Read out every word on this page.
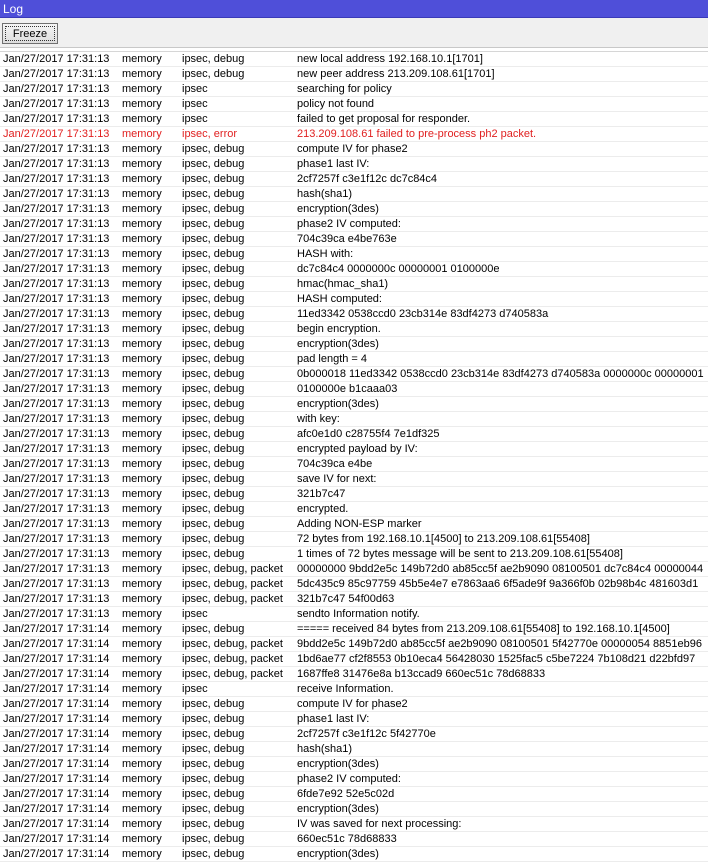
Log
Freeze
Jan/27/2017 17:31:13	memory	ipsec, debug	new local address 192.168.10.1[1701]
Jan/27/2017 17:31:13	memory	ipsec, debug	new peer address 213.209.108.61[1701]
Jan/27/2017 17:31:13	memory	ipsec	searching for policy
Jan/27/2017 17:31:13	memory	ipsec	policy not found
Jan/27/2017 17:31:13	memory	ipsec	failed to get proposal for responder.
Jan/27/2017 17:31:13	memory	ipsec, error	213.209.108.61 failed to pre-process ph2 packet.
Jan/27/2017 17:31:13	memory	ipsec, debug	compute IV for phase2
Jan/27/2017 17:31:13	memory	ipsec, debug	phase1 last IV:
Jan/27/2017 17:31:13	memory	ipsec, debug	2cf7257f c3e1f12c dc7c84c4
Jan/27/2017 17:31:13	memory	ipsec, debug	hash(sha1)
Jan/27/2017 17:31:13	memory	ipsec, debug	encryption(3des)
Jan/27/2017 17:31:13	memory	ipsec, debug	phase2 IV computed:
Jan/27/2017 17:31:13	memory	ipsec, debug	704c39ca e4be763e
Jan/27/2017 17:31:13	memory	ipsec, debug	HASH with:
Jan/27/2017 17:31:13	memory	ipsec, debug	dc7c84c4 0000000c 00000001 0100000e
Jan/27/2017 17:31:13	memory	ipsec, debug	hmac(hmac_sha1)
Jan/27/2017 17:31:13	memory	ipsec, debug	HASH computed:
Jan/27/2017 17:31:13	memory	ipsec, debug	11ed3342 0538ccd0 23cb314e 83df4273 d740583a
Jan/27/2017 17:31:13	memory	ipsec, debug	begin encryption.
Jan/27/2017 17:31:13	memory	ipsec, debug	encryption(3des)
Jan/27/2017 17:31:13	memory	ipsec, debug	pad length = 4
Jan/27/2017 17:31:13	memory	ipsec, debug	0b000018 11ed3342 0538ccd0 23cb314e 83df4273 d740583a 0000000c 00000001
Jan/27/2017 17:31:13	memory	ipsec, debug	0100000e b1caaa03
Jan/27/2017 17:31:13	memory	ipsec, debug	encryption(3des)
Jan/27/2017 17:31:13	memory	ipsec, debug	with key:
Jan/27/2017 17:31:13	memory	ipsec, debug	afc0e1d0 c28755f4 7e1df325
Jan/27/2017 17:31:13	memory	ipsec, debug	encrypted payload by IV:
Jan/27/2017 17:31:13	memory	ipsec, debug	704c39ca e4be
Jan/27/2017 17:31:13	memory	ipsec, debug	save IV for next:
Jan/27/2017 17:31:13	memory	ipsec, debug	321b7c47
Jan/27/2017 17:31:13	memory	ipsec, debug	encrypted.
Jan/27/2017 17:31:13	memory	ipsec, debug	Adding NON-ESP marker
Jan/27/2017 17:31:13	memory	ipsec, debug	72 bytes from 192.168.10.1[4500] to 213.209.108.61[55408]
Jan/27/2017 17:31:13	memory	ipsec, debug	1 times of 72 bytes message will be sent to 213.209.108.61[55408]
Jan/27/2017 17:31:13	memory	ipsec, debug, packet	00000000 9bdd2e5c 149b72d0 ab85cc5f ae2b9090 08100501 dc7c84c4 00000044
Jan/27/2017 17:31:13	memory	ipsec, debug, packet	5dc435c9 85c97759 45b5e4e7 e7863aa6 6f5ade9f 9a366f0b 02b98b4c 481603d1
Jan/27/2017 17:31:13	memory	ipsec, debug, packet	321b7c47 54f00d63
Jan/27/2017 17:31:13	memory	ipsec	sendto Information notify.
Jan/27/2017 17:31:14	memory	ipsec, debug	===== received 84 bytes from 213.209.108.61[55408] to 192.168.10.1[4500]
Jan/27/2017 17:31:14	memory	ipsec, debug, packet	9bdd2e5c 149b72d0 ab85cc5f ae2b9090 08100501 5f42770e 00000054 8851eb96
Jan/27/2017 17:31:14	memory	ipsec, debug, packet	1bd6ae77 cf2f8553 0b10eca4 56428030 1525fac5 c5be7224 7b108d21 d22bfd97
Jan/27/2017 17:31:14	memory	ipsec, debug, packet	1687ffe8 31476e8a b13ccad9 660ec51c 78d68833
Jan/27/2017 17:31:14	memory	ipsec	receive Information.
Jan/27/2017 17:31:14	memory	ipsec, debug	compute IV for phase2
Jan/27/2017 17:31:14	memory	ipsec, debug	phase1 last IV:
Jan/27/2017 17:31:14	memory	ipsec, debug	2cf7257f c3e1f12c 5f42770e
Jan/27/2017 17:31:14	memory	ipsec, debug	hash(sha1)
Jan/27/2017 17:31:14	memory	ipsec, debug	encryption(3des)
Jan/27/2017 17:31:14	memory	ipsec, debug	phase2 IV computed:
Jan/27/2017 17:31:14	memory	ipsec, debug	6fde7e92 52e5c02d
Jan/27/2017 17:31:14	memory	ipsec, debug	encryption(3des)
Jan/27/2017 17:31:14	memory	ipsec, debug	IV was saved for next processing:
Jan/27/2017 17:31:14	memory	ipsec, debug	660ec51c 78d68833
Jan/27/2017 17:31:14	memory	ipsec, debug	encryption(3des)
